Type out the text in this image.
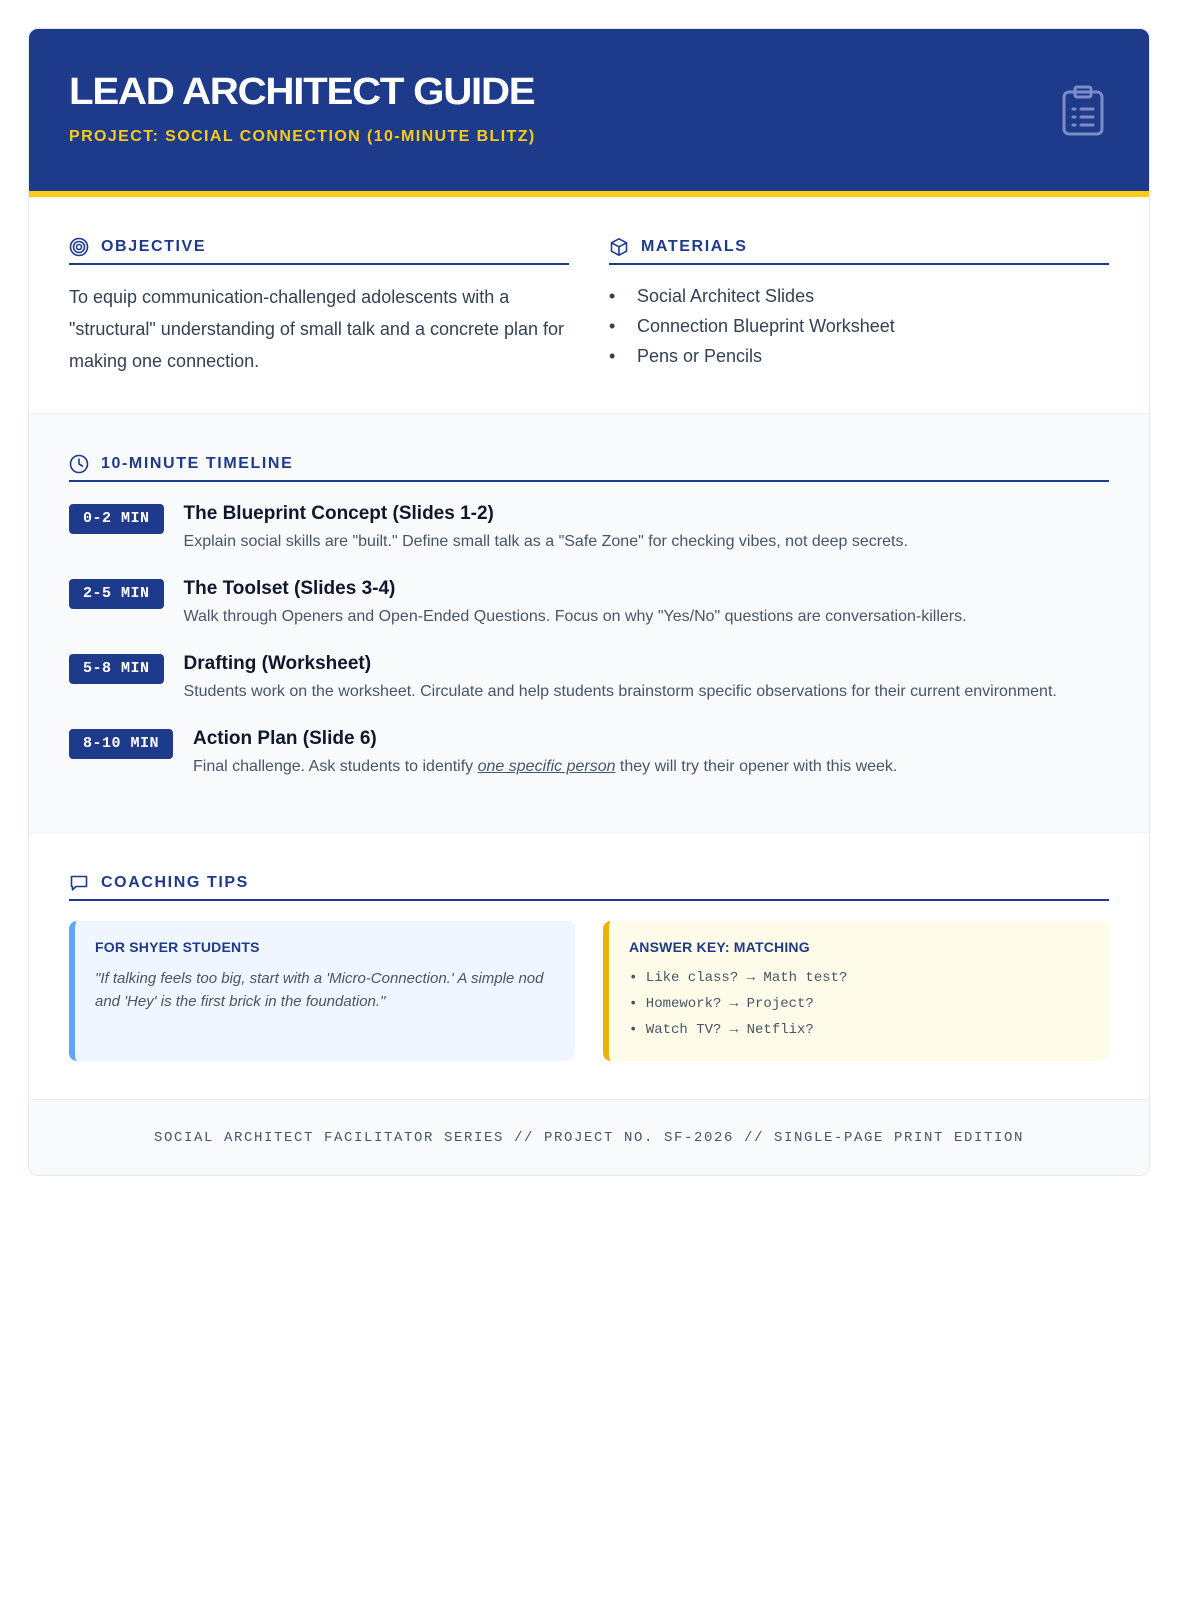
LEAD ARCHITECT GUIDE
PROJECT: SOCIAL CONNECTION (10-MINUTE BLITZ)
OBJECTIVE

To equip communication-challenged adolescents with a "structural" understanding of small talk and a concrete plan for making one connection.

MATERIALS
• Social Architect Slides
• Connection Blueprint Worksheet
• Pens or Pencils
10-MINUTE TIMELINE
0-2 MIN	The Blueprint Concept (Slides 1-2)
Explain social skills are "built." Define small talk as a "Safe Zone" for checking vibes, not deep secrets.
2-5 MIN	The Toolset (Slides 3-4)
Walk through Openers and Open-Ended Questions. Focus on why "Yes/No" questions are conversation-killers.
5-8 MIN	Drafting (Worksheet)
Students work on the worksheet. Circulate and help students brainstorm specific observations for their current environment.
8-10 MIN	Action Plan (Slide 6)
Final challenge. Ask students to identify one specific person they will try their opener with this week.
COACHING TIPS
FOR SHYER STUDENTS
"If talking feels too big, start with a 'Micro-Connection.' A simple nod and 'Hey' is the first brick in the foundation."
ANSWER KEY: MATCHING
• Like class? → Math test?
• Homework? → Project?
• Watch TV? → Netflix?
SOCIAL ARCHITECT FACILITATOR SERIES // PROJECT NO. SF-2026 // SINGLE-PAGE PRINT EDITION
